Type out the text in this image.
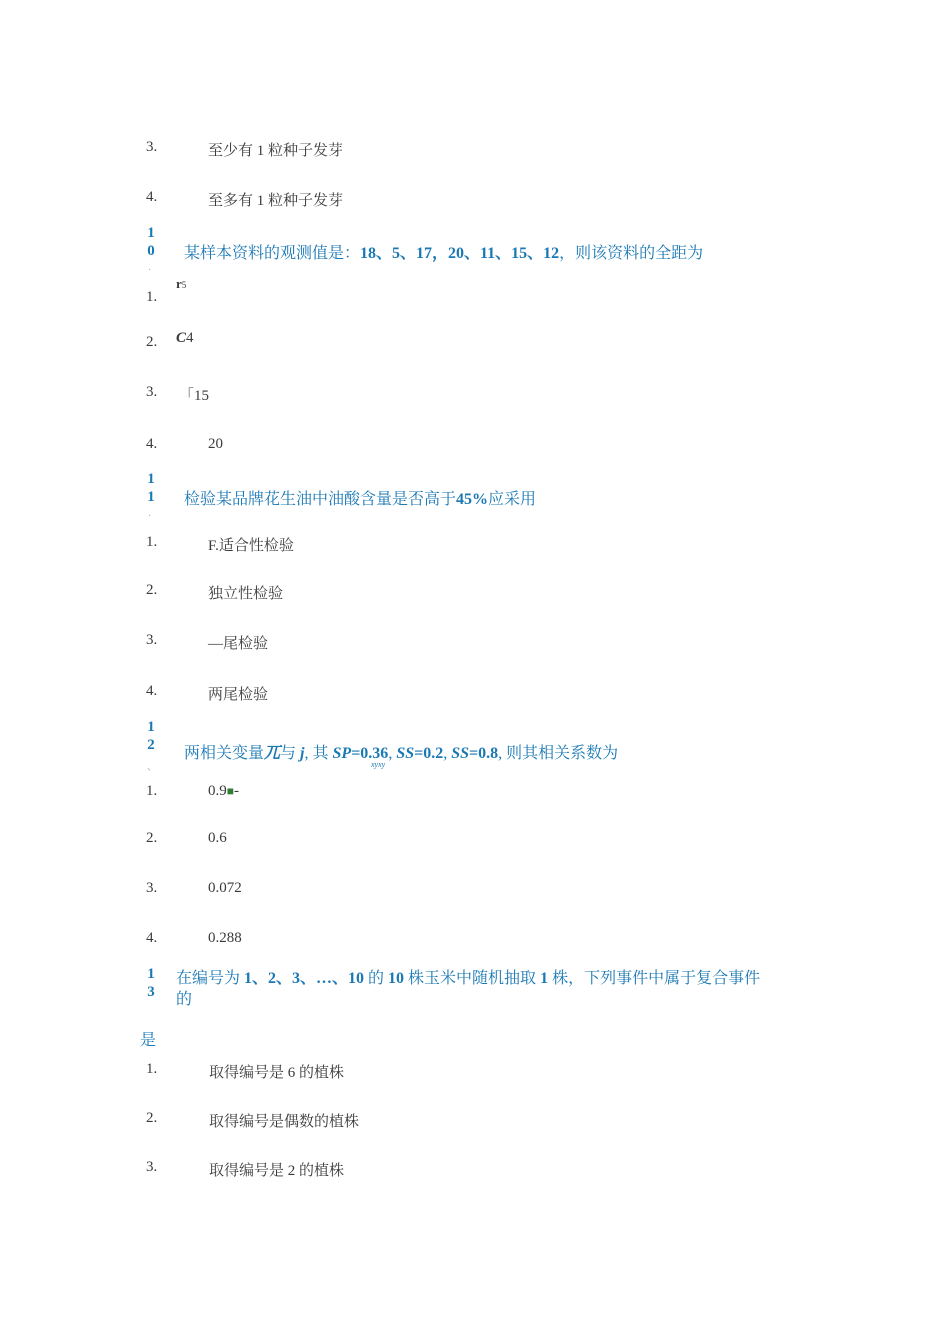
3.	至少有 1 粒种子发芽
4.	至多有 1 粒种子发芽
1
0
·
某样本资料的观测值是：18、5、17，20、11、15、12，则该资料的全距为
1.
r5
2. C4
3. 「15
4.	20
1
1
·
检验某品牌花生油中油酸含量是否高于45%应采用
1.	F.适合性检验
2.	独立性检验
3.	—尾检验
4.	两尾检验
1
2
、
两相关变量兀与 j, 其 SP=0.36, SS=0.2, SS=0.8, 则其相关系数为
xyxy
1.	0.9■-
2.	0.6
3.	0.072
4.	0.288
1
3
在编号为 1、2、3、…、10 的 10 株玉米中随机抽取 1 株，下列事件中属于复合事件
的
是
1.	取得编号是 6 的植株
2.	取得编号是偶数的植株
3.	取得编号是 2 的植株
